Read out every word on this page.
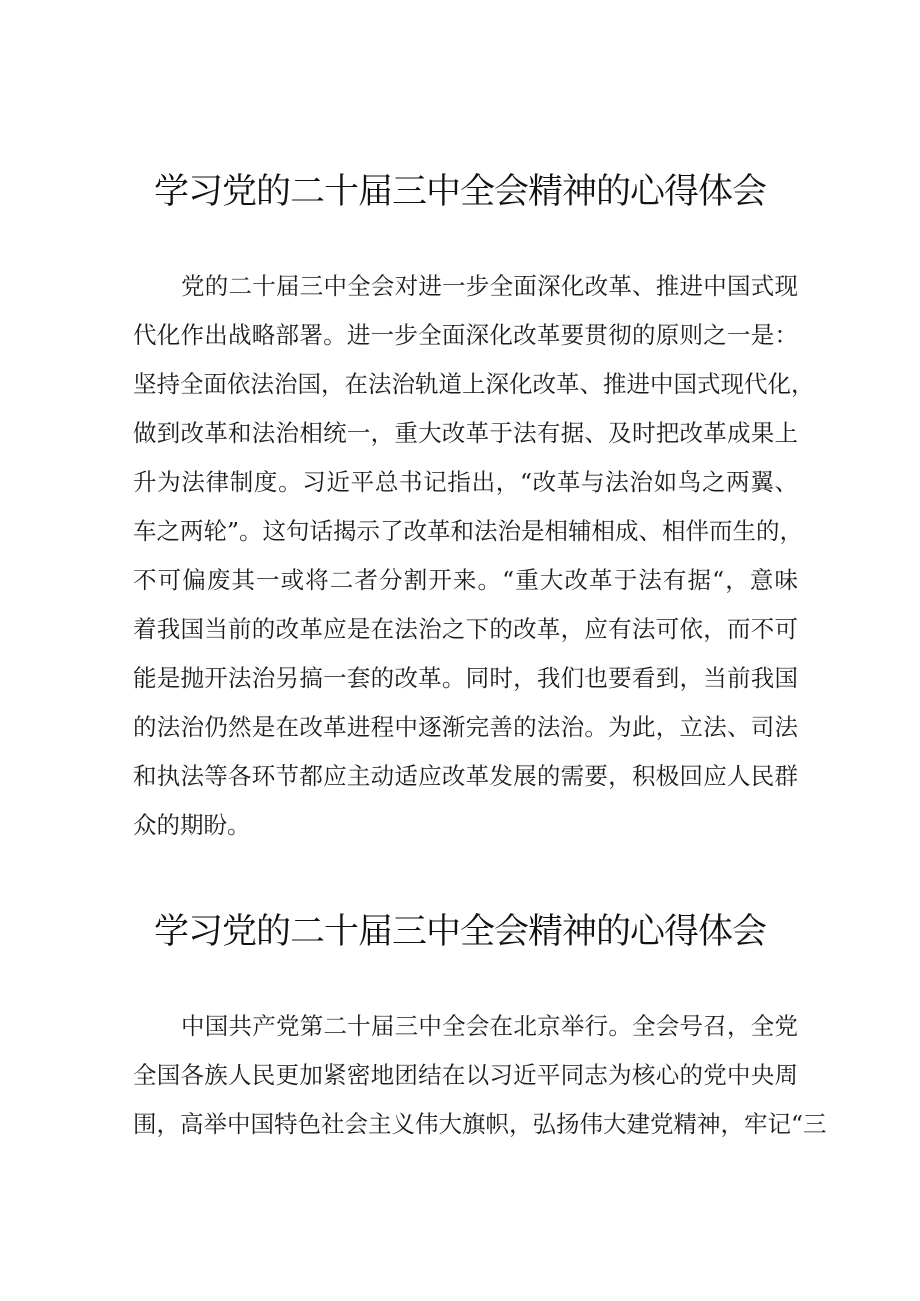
学习党的二十届三中全会精神的心得体会
党的二十届三中全会对进一步全面深化改革、推进中国式现
代化作出战略部署。进一步全面深化改革要贯彻的原则之一是：
坚持全面依法治国，在法治轨道上深化改革、推进中国式现代化，
做到改革和法治相统一，重大改革于法有据、及时把改革成果上
升为法律制度。习近平总书记指出，“改革与法治如鸟之两翼、
车之两轮”。这句话揭示了改革和法治是相辅相成、相伴而生的，
不可偏废其一或将二者分割开来。“重大改革于法有据“，意味
着我国当前的改革应是在法治之下的改革，应有法可依，而不可
能是抛开法治另搞一套的改革。同时，我们也要看到，当前我国
的法治仍然是在改革进程中逐渐完善的法治。为此，立法、司法
和执法等各环节都应主动适应改革发展的需要，积极回应人民群
众的期盼。
学习党的二十届三中全会精神的心得体会
中国共产党第二十届三中全会在北京举行。全会号召，全党
全国各族人民更加紧密地团结在以习近平同志为核心的党中央周
围，高举中国特色社会主义伟大旗帜，弘扬伟大建党精神，牢记“三
